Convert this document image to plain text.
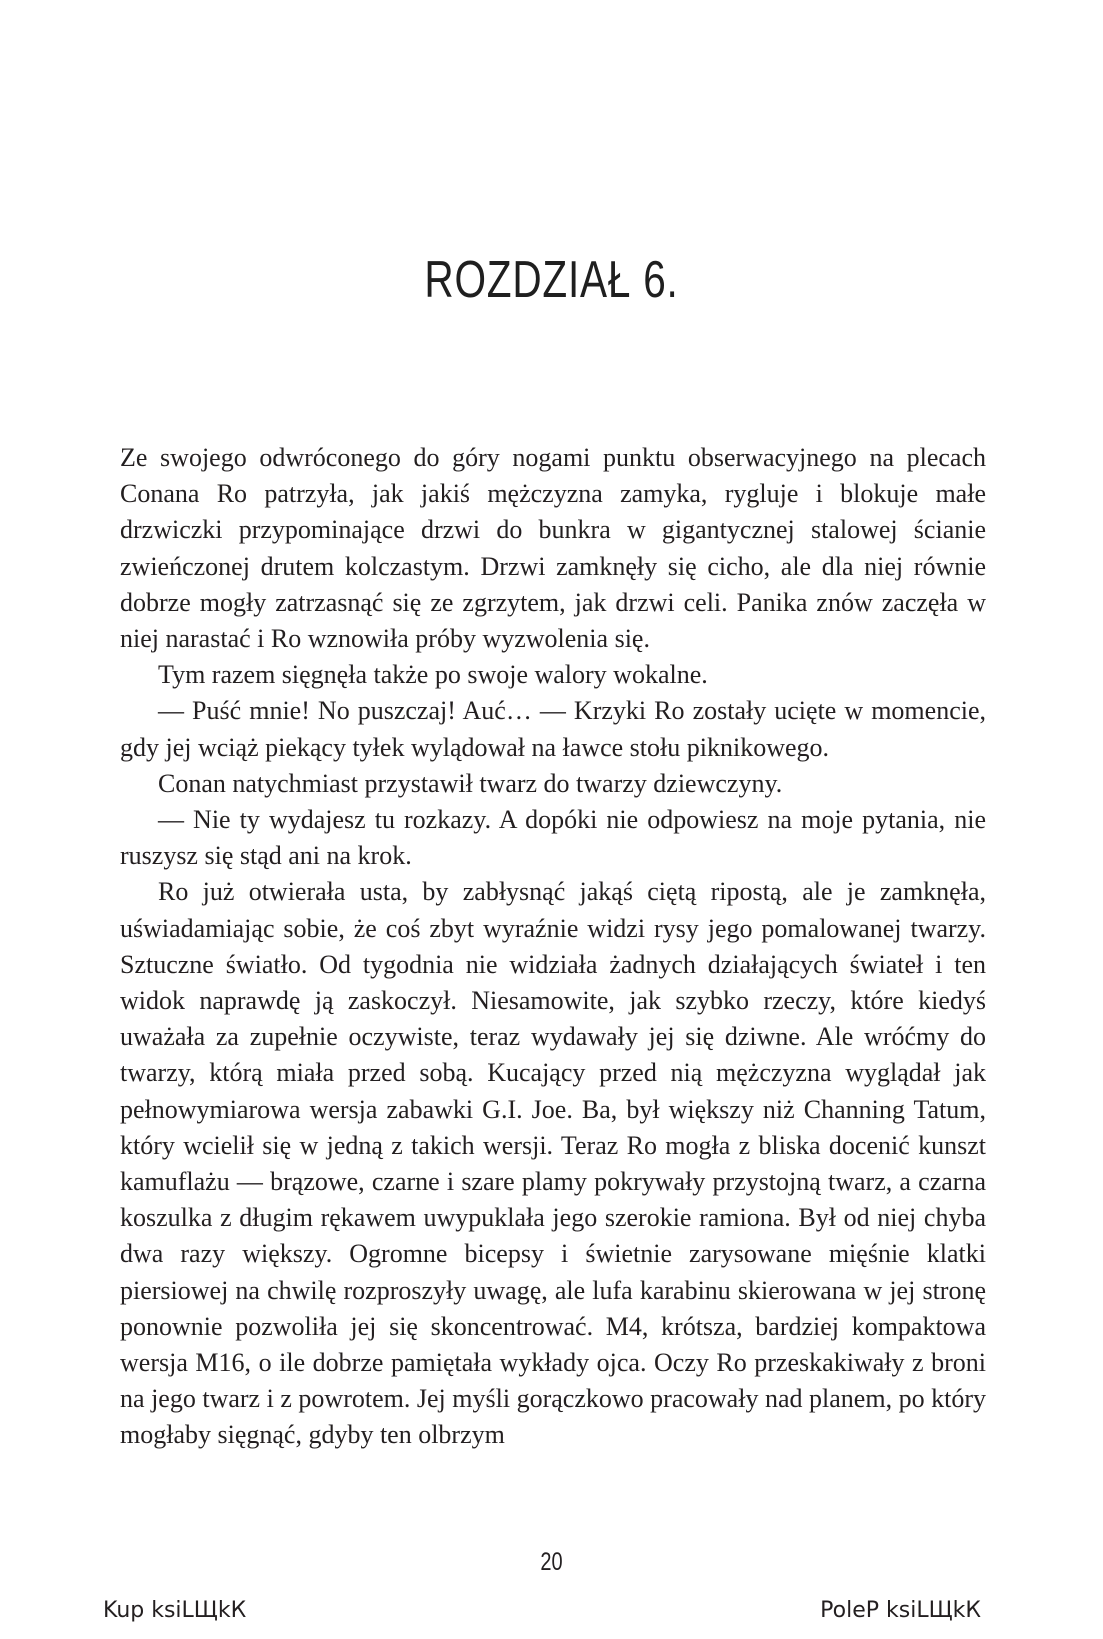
ROZDZIAŁ 6.

Ze swojego odwróconego do góry nogami punktu obserwacyjnego na plecach Conana Ro patrzyła, jak jakiś mężczyzna zamyka, rygluje i blokuje małe drzwiczki przypominające drzwi do bunkra w gigantycznej stalowej ścianie zwieńczonej drutem kolczastym. Drzwi zamknęły się cicho, ale dla niej równie dobrze mogły zatrzasnąć się ze zgrzytem, jak drzwi celi. Panika znów zaczęła w niej narastać i Ro wznowiła próby wyzwolenia się.

Tym razem sięgnęła także po swoje walory wokalne.

— Puść mnie! No puszczaj! Auć… — Krzyki Ro zostały ucięte w momencie, gdy jej wciąż piekący tyłek wylądował na ławce stołu piknikowego.

Conan natychmiast przystawił twarz do twarzy dziewczyny.

— Nie ty wydajesz tu rozkazy. A dopóki nie odpowiesz na moje pytania, nie ruszysz się stąd ani na krok.

Ro już otwierała usta, by zabłysnąć jakąś ciętą ripostą, ale je zamknęła, uświadamiając sobie, że coś zbyt wyraźnie widzi rysy jego pomalowanej twarzy. Sztuczne światło. Od tygodnia nie widziała żadnych działających świateł i ten widok naprawdę ją zaskoczył. Niesamowite, jak szybko rzeczy, które kiedyś uważała za zupełnie oczywiste, teraz wydawały jej się dziwne. Ale wróćmy do twarzy, którą miała przed sobą. Kucający przed nią mężczyzna wyglądał jak pełnowymiarowa wersja zabawki G.I. Joe. Ba, był większy niż Channing Tatum, który wcielił się w jedną z takich wersji. Teraz Ro mogła z bliska docenić kunszt kamuflażu — brązowe, czarne i szare plamy pokrywały przystojną twarz, a czarna koszulka z długim rękawem uwypuklała jego szerokie ramiona. Był od niej chyba dwa razy większy. Ogromne bicepsy i świetnie zarysowane mięśnie klatki piersiowej na chwilę rozproszyły uwagę, ale lufa karabinu skierowana w jej stronę ponownie pozwoliła jej się skoncentrować. M4, krótsza, bardziej kompaktowa wersja M16, o ile dobrze pamiętała wykłady ojca. Oczy Ro przeskakiwały z broni na jego twarz i z powrotem. Jej myśli gorączkowo pracowały nad planem, po który mogłaby sięgnąć, gdyby ten olbrzym

20
Kup ksiLЩkК	PoleP ksiLЩkК
